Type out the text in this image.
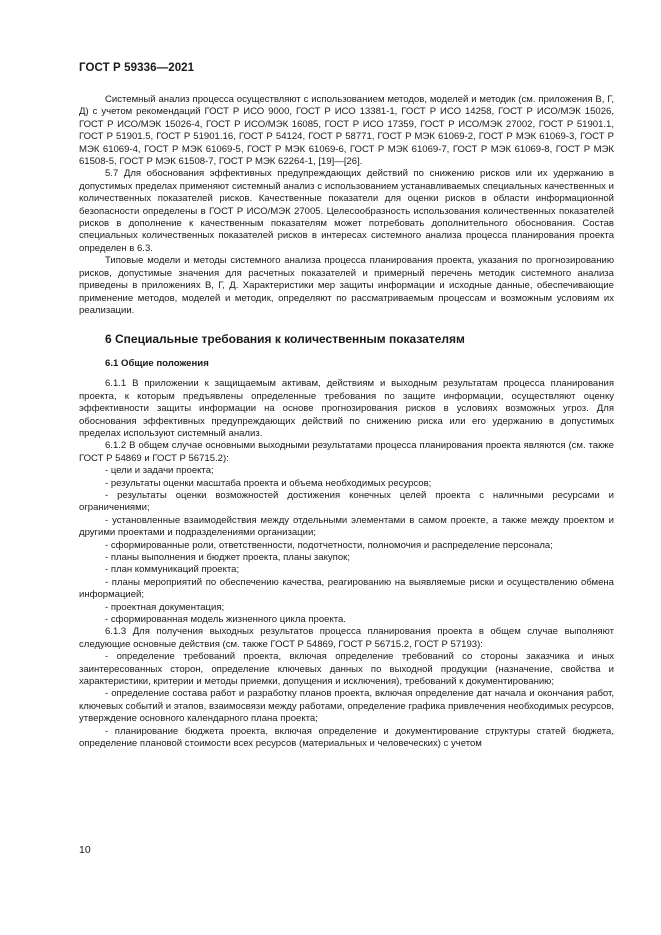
ГОСТ Р 59336—2021

Системный анализ процесса осуществляют с использованием методов, моделей и методик (см. приложения В, Г, Д) с учетом рекомендаций ГОСТ Р ИСО 9000, ГОСТ Р ИСО 13381-1, ГОСТ Р ИСО 14258, ГОСТ Р ИСО/МЭК 15026, ГОСТ Р ИСО/МЭК 15026-4, ГОСТ Р ИСО/МЭК 16085, ГОСТ Р ИСО 17359, ГОСТ Р ИСО/МЭК 27002, ГОСТ Р 51901.1, ГОСТ Р 51901.5, ГОСТ Р 51901.16, ГОСТ Р 54124, ГОСТ Р 58771, ГОСТ Р МЭК 61069-2, ГОСТ Р МЭК 61069-3, ГОСТ Р МЭК 61069-4, ГОСТ Р МЭК 61069-5, ГОСТ Р МЭК 61069-6, ГОСТ Р МЭК 61069-7, ГОСТ Р МЭК 61069-8, ГОСТ Р МЭК 61508-5, ГОСТ Р МЭК 61508-7, ГОСТ Р МЭК 62264-1, [19]—[26].

5.7 Для обоснования эффективных предупреждающих действий по снижению рисков или их удержанию в допустимых пределах применяют системный анализ с использованием устанавливаемых специальных качественных и количественных показателей рисков. Качественные показатели для оценки рисков в области информационной безопасности определены в ГОСТ Р ИСО/МЭК 27005. Целесообразность использования количественных показателей рисков в дополнение к качественным показателям может потребовать дополнительного обоснования. Состав специальных количественных показателей рисков в интересах системного анализа процесса планирования проекта определен в 6.3.

Типовые модели и методы системного анализа процесса планирования проекта, указания по прогнозированию рисков, допустимые значения для расчетных показателей и примерный перечень методик системного анализа приведены в приложениях В, Г, Д. Характеристики мер защиты информации и исходные данные, обеспечивающие применение методов, моделей и методик, определяют по рассматриваемым процессам и возможным условиям их реализации.

6 Специальные требования к количественным показателям
6.1 Общие положения

6.1.1 В приложении к защищаемым активам, действиям и выходным результатам процесса планирования проекта, к которым предъявлены определенные требования по защите информации, осуществляют оценку эффективности защиты информации на основе прогнозирования рисков в условиях возможных угроз. Для обоснования эффективных предупреждающих действий по снижению риска или его удержанию в допустимых пределах используют системный анализ.

6.1.2 В общем случае основными выходными результатами процесса планирования проекта являются (см. также ГОСТ Р 54869 и ГОСТ Р 56715.2):

- цели и задачи проекта;

- результаты оценки масштаба проекта и объема необходимых ресурсов;

- результаты оценки возможностей достижения конечных целей проекта с наличными ресурсами и ограничениями;

- установленные взаимодействия между отдельными элементами в самом проекте, а также между проектом и другими проектами и подразделениями организации;

- сформированные роли, ответственности, подотчетности, полномочия и распределение персонала;

- планы выполнения и бюджет проекта, планы закупок;

- план коммуникаций проекта;

- планы мероприятий по обеспечению качества, реагированию на выявляемые риски и осуществлению обмена информацией;

- проектная документация;

- сформированная модель жизненного цикла проекта.

6.1.3 Для получения выходных результатов процесса планирования проекта в общем случае выполняют следующие основные действия (см. также ГОСТ Р 54869, ГОСТ Р 56715.2, ГОСТ Р 57193):

- определение требований проекта, включая определение требований со стороны заказчика и иных заинтересованных сторон, определение ключевых данных по выходной продукции (назначение, свойства и характеристики, критерии и методы приемки, допущения и исключения), требований к документированию;

- определение состава работ и разработку планов проекта, включая определение дат начала и окончания работ, ключевых событий и этапов, взаимосвязи между работами, определение графика привлечения необходимых ресурсов, утверждение основного календарного плана проекта;

- планирование бюджета проекта, включая определение и документирование структуры статей бюджета, определение плановой стоимости всех ресурсов (материальных и человеческих) с учетом

10
